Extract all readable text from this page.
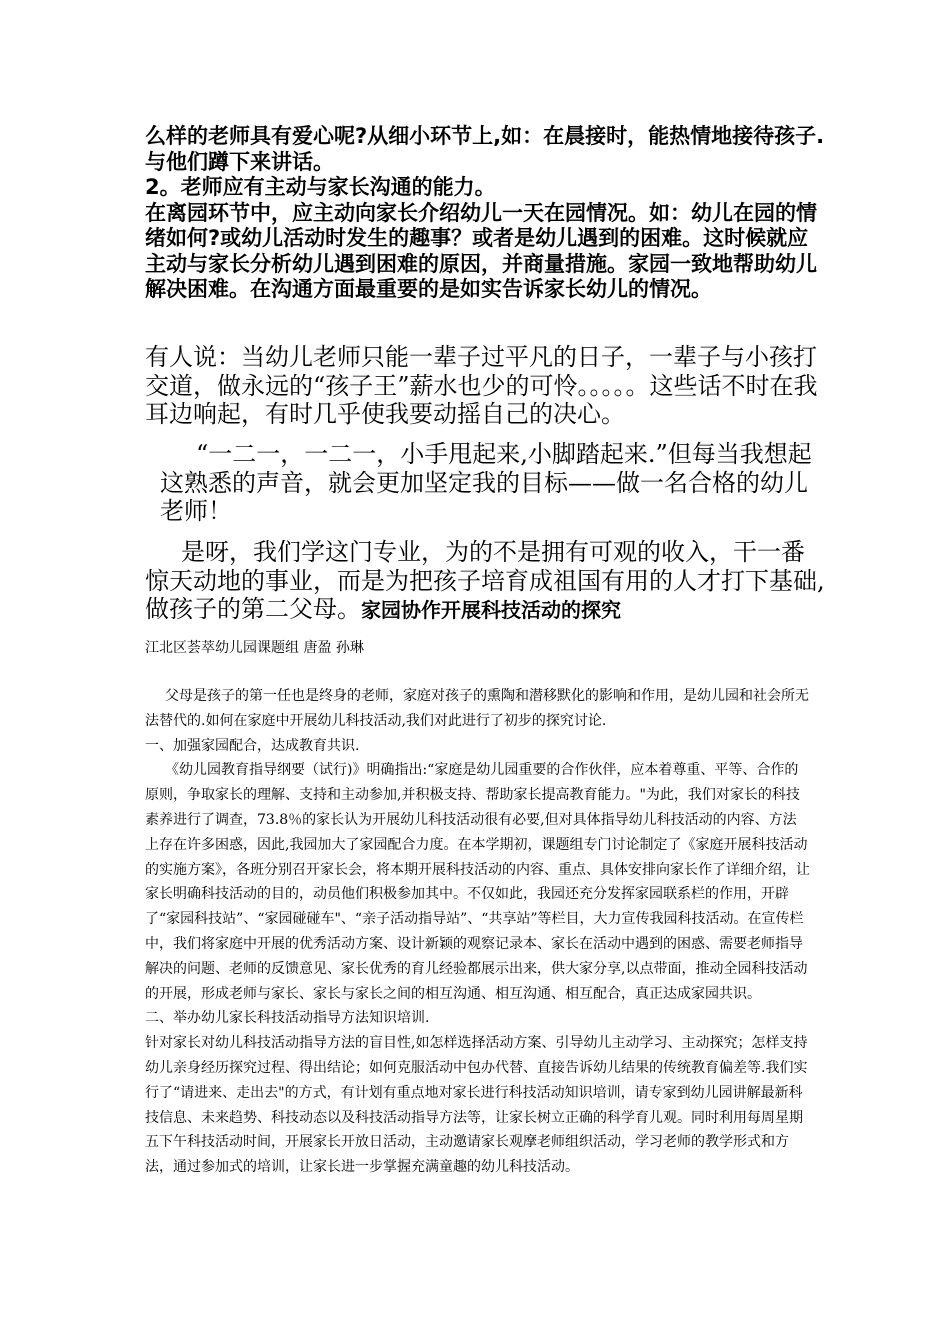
么样的老师具有爱心呢?从细小环节上,如：在晨接时，能热情地接待孩子.与他们蹲下来讲话。

2。老师应有主动与家长沟通的能力。

在离园环节中，应主动向家长介绍幼儿一天在园情况。如：幼儿在园的情绪如何?或幼儿活动时发生的趣事？或者是幼儿遇到的困难。这时候就应主动与家长分析幼儿遇到困难的原因，并商量措施。家园一致地帮助幼儿解决困难。在沟通方面最重要的是如实告诉家长幼儿的情况。

有人说：当幼儿老师只能一辈子过平凡的日子，一辈子与小孩打交道，做永远的“孩子王”薪水也少的可怜。。。。。这些话不时在我耳边响起，有时几乎使我要动摇自己的决心。

“一二一，一二一，小手甩起来,小脚踏起来.”但每当我想起这熟悉的声音，就会更加坚定我的目标——做一名合格的幼儿老师！

是呀，我们学这门专业，为的不是拥有可观的收入，干一番惊天动地的事业，而是为把孩子培育成祖国有用的人才打下基础,做孩子的第二父母。家园协作开展科技活动的探究

江北区荟萃幼儿园课题组 唐盈 孙琳

父母是孩子的第一任也是终身的老师，家庭对孩子的熏陶和潜移默化的影响和作用，是幼儿园和社会所无法替代的.如何在家庭中开展幼儿科技活动,我们对此进行了初步的探究讨论.

一、加强家园配合，达成教育共识.

《幼儿园教育指导纲要（试行)》明确指出:“家庭是幼儿园重要的合作伙伴，应本着尊重、平等、合作的原则，争取家长的理解、支持和主动参加,并积极支持、帮助家长提高教育能力。"为此，我们对家长的科技素养进行了调查，73.8％的家长认为开展幼儿科技活动很有必要,但对具体指导幼儿科技活动的内容、方法上存在许多困惑，因此,我园加大了家园配合力度。在本学期初，课题组专门讨论制定了《家庭开展科技活动的实施方案》，各班分别召开家长会，将本期开展科技活动的内容、重点、具体安排向家长作了详细介绍，让家长明确科技活动的目的，动员他们积极参加其中。不仅如此，我园还充分发挥家园联系栏的作用，开辟了“家园科技站”、“家园碰碰车"、“亲子活动指导站”、“共享站”等栏目，大力宣传我园科技活动。在宣传栏中，我们将家庭中开展的优秀活动方案、设计新颖的观察记录本、家长在活动中遇到的困惑、需要老师指导解决的问题、老师的反馈意见、家长优秀的育儿经验都展示出来，供大家分享,以点带面，推动全园科技活动的开展，形成老师与家长、家长与家长之间的相互沟通、相互沟通、相互配合，真正达成家园共识。

二、举办幼儿家长科技活动指导方法知识培训.

针对家长对幼儿科技活动指导方法的盲目性,如怎样选择活动方案、引导幼儿主动学习、主动探究；怎样支持幼儿亲身经历探究过程、得出结论；如何克服活动中包办代替、直接告诉幼儿结果的传统教育偏差等.我们实行了“请进来、走出去"的方式，有计划有重点地对家长进行科技活动知识培训，请专家到幼儿园讲解最新科技信息、未来趋势、科技动态以及科技活动指导方法等，让家长树立正确的科学育儿观。同时利用每周星期五下午科技活动时间，开展家长开放日活动，主动邀请家长观摩老师组织活动，学习老师的教学形式和方法，通过参加式的培训，让家长进一步掌握充满童趣的幼儿科技活动。
